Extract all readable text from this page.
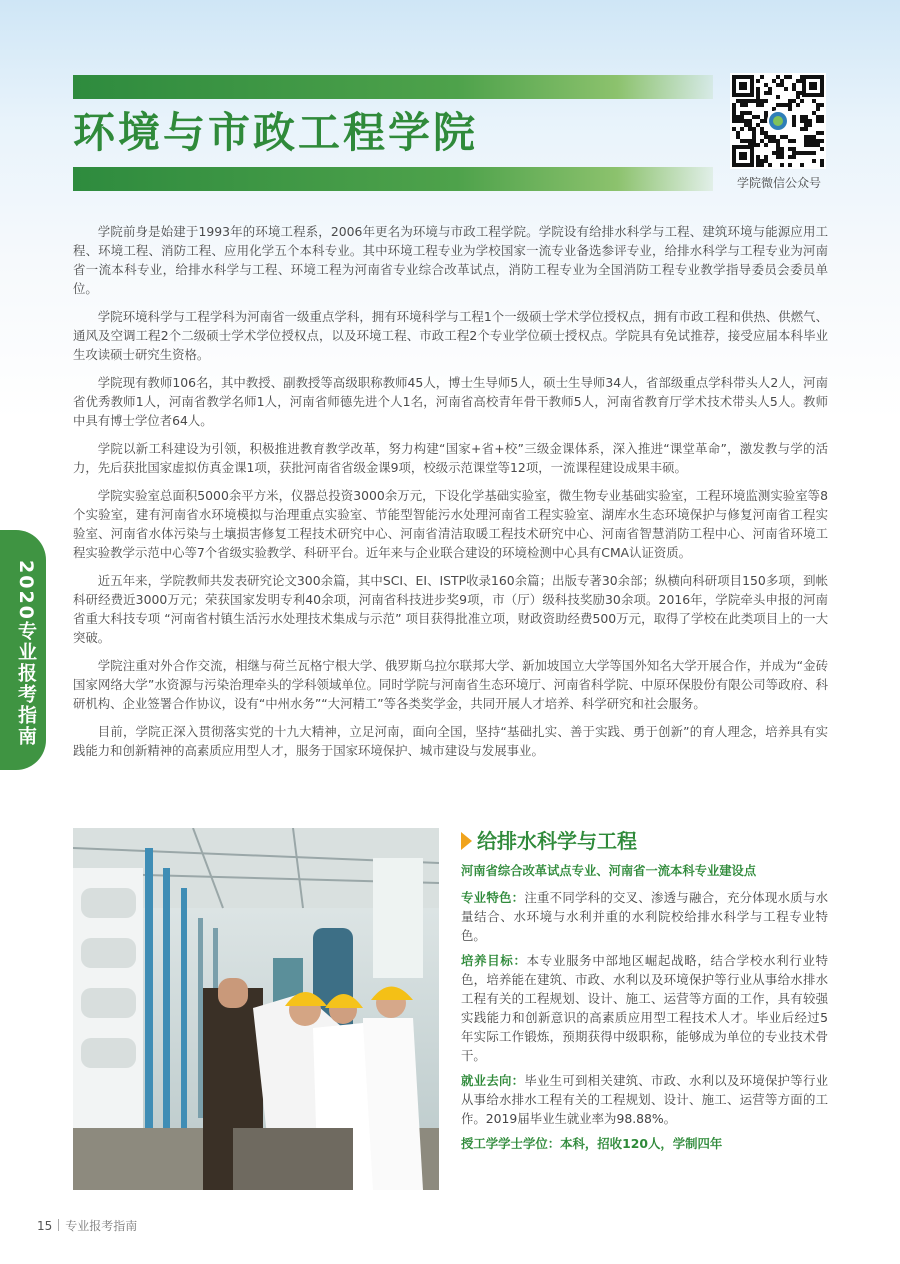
环境与市政工程学院
学院微信公众号

学院前身是始建于1993年的环境工程系，2006年更名为环境与市政工程学院。学院设有给排水科学与工程、建筑环境与能源应用工程、环境工程、消防工程、应用化学五个本科专业。其中环境工程专业为学校国家一流专业备选参评专业，给排水科学与工程专业为河南省一流本科专业，给排水科学与工程、环境工程为河南省专业综合改革试点，消防工程专业为全国消防工程专业教学指导委员会委员单位。

学院环境科学与工程学科为河南省一级重点学科，拥有环境科学与工程1个一级硕士学术学位授权点，拥有市政工程和供热、供燃气、通风及空调工程2个二级硕士学术学位授权点，以及环境工程、市政工程2个专业学位硕士授权点。学院具有免试推荐，接受应届本科毕业生攻读硕士研究生资格。

学院现有教师106名，其中教授、副教授等高级职称教师45人，博士生导师5人，硕士生导师34人，省部级重点学科带头人2人，河南省优秀教师1人，河南省教学名师1人，河南省师德先进个人1名，河南省高校青年骨干教师5人，河南省教育厅学术技术带头人5人。教师中具有博士学位者64人。

学院以新工科建设为引领，积极推进教育教学改革，努力构建“国家+省+校”三级金课体系，深入推进“课堂革命”，激发教与学的活力，先后获批国家虚拟仿真金课1项，获批河南省省级金课9项，校级示范课堂等12项，一流课程建设成果丰硕。

学院实验室总面积5000余平方米，仪器总投资3000余万元，下设化学基础实验室，微生物专业基础实验室，工程环境监测实验室等8个实验室，建有河南省水环境模拟与治理重点实验室、节能型智能污水处理河南省工程实验室、湖库水生态环境保护与修复河南省工程实验室、河南省水体污染与土壤损害修复工程技术研究中心、河南省清洁取暖工程技术研究中心、河南省智慧消防工程中心、河南省环境工程实验教学示范中心等7个省级实验教学、科研平台。近年来与企业联合建设的环境检测中心具有CMA认证资质。

近五年来，学院教师共发表研究论文300余篇，其中SCI、EI、ISTP收录160余篇；出版专著30余部；纵横向科研项目150多项，到帐科研经费近3000万元；荣获国家发明专利40余项，河南省科技进步奖9项，市（厅）级科技奖励30余项。2016年，学院牵头申报的河南省重大科技专项 “河南省村镇生活污水处理技术集成与示范” 项目获得批准立项，财政资助经费500万元，取得了学校在此类项目上的一大突破。

学院注重对外合作交流，相继与荷兰瓦格宁根大学、俄罗斯乌拉尔联邦大学、新加坡国立大学等国外知名大学开展合作，并成为“金砖国家网络大学”水资源与污染治理牵头的学科领域单位。同时学院与河南省生态环境厅、河南省科学院、中原环保股份有限公司等政府、科研机构、企业签署合作协议，设有“中州水务”“大河精工”等各类奖学金，共同开展人才培养、科学研究和社会服务。

目前，学院正深入贯彻落实党的十九大精神，立足河南，面向全国，坚持“基础扎实、善于实践、勇于创新”的育人理念，培养具有实践能力和创新精神的高素质应用型人才，服务于国家环境保护、城市建设与发展事业。

2020专业报考指南
给排水科学与工程
河南省综合改革试点专业、河南省一流本科专业建设点

专业特色：注重不同学科的交叉、渗透与融合，充分体现水质与水量结合、水环境与水利并重的水利院校给排水科学与工程专业特色。

培养目标：本专业服务中部地区崛起战略，结合学校水利行业特色，培养能在建筑、市政、水利以及环境保护等行业从事给水排水工程有关的工程规划、设计、施工、运营等方面的工作，具有较强实践能力和创新意识的高素质应用型工程技术人才。毕业后经过5年实际工作锻炼，预期获得中级职称，能够成为单位的专业技术骨干。

就业去向：毕业生可到相关建筑、市政、水利以及环境保护等行业从事给水排水工程有关的工程规划、设计、施工、运营等方面的工作。2019届毕业生就业率为98.88%。

授工学学士学位：本科，招收120人，学制四年

15 专业报考指南
